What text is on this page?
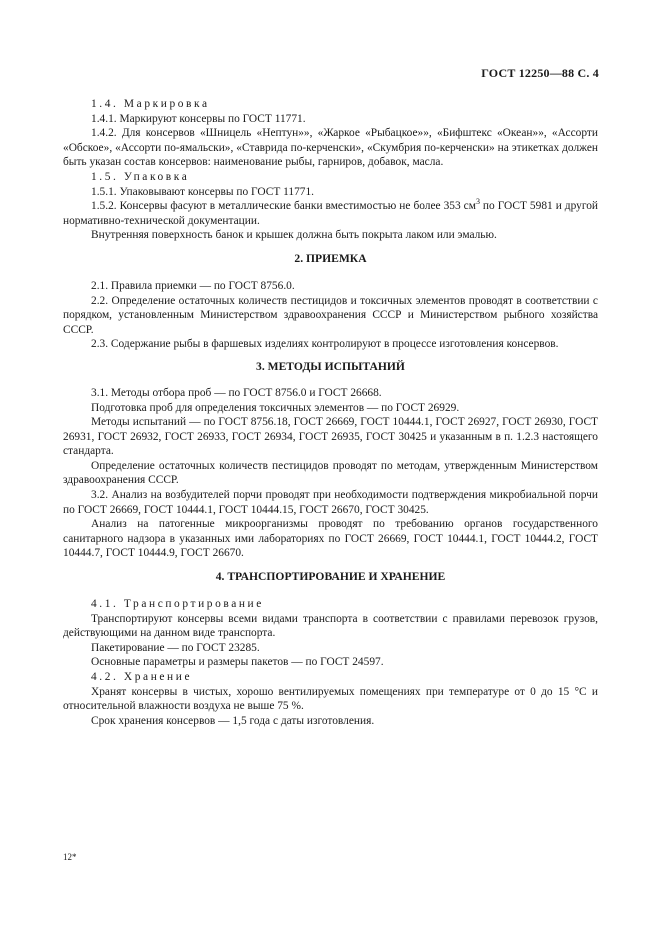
ГОСТ 12250—88 С. 4

1.4. Маркировка

1.4.1. Маркируют консервы по ГОСТ 11771.

1.4.2. Для консервов «Шницель «Нептун»», «Жаркое «Рыбацкое»», «Бифштекс «Океан»», «Ассорти «Обское», «Ассорти по-ямальски», «Ставрида по-керченски», «Скумбрия по-керченски» на этикетках должен быть указан состав консервов: наименование рыбы, гарниров, добавок, масла.

1.5. Упаковка

1.5.1. Упаковывают консервы по ГОСТ 11771.

1.5.2. Консервы фасуют в металлические банки вместимостью не более 353 $см^3$ по ГОСТ 5981 и другой нормативно-технической документации.

Внутренняя поверхность банок и крышек должна быть покрыта лаком или эмалью.

2. ПРИЕМКА

2.1. Правила приемки — по ГОСТ 8756.0.

2.2. Определение остаточных количеств пестицидов и токсичных элементов проводят в соответствии с порядком, установленным Министерством здравоохранения СССР и Министерством рыбного хозяйства СССР.

2.3. Содержание рыбы в фаршевых изделиях контролируют в процессе изготовления консервов.

3. МЕТОДЫ ИСПЫТАНИЙ

3.1. Методы отбора проб — по ГОСТ 8756.0 и ГОСТ 26668.

Подготовка проб для определения токсичных элементов — по ГОСТ 26929.

Методы испытаний — по ГОСТ 8756.18, ГОСТ 26669, ГОСТ 10444.1, ГОСТ 26927, ГОСТ 26930, ГОСТ 26931, ГОСТ 26932, ГОСТ 26933, ГОСТ 26934, ГОСТ 26935, ГОСТ 30425 и указанным в п. 1.2.3 настоящего стандарта.

Определение остаточных количеств пестицидов проводят по методам, утвержденным Министерством здравоохранения СССР.

3.2. Анализ на возбудителей порчи проводят при необходимости подтверждения микробиальной порчи по ГОСТ 26669, ГОСТ 10444.1, ГОСТ 10444.15, ГОСТ 26670, ГОСТ 30425.

Анализ на патогенные микроорганизмы проводят по требованию органов государственного санитарного надзора в указанных ими лабораториях по ГОСТ 26669, ГОСТ 10444.1, ГОСТ 10444.2, ГОСТ 10444.7, ГОСТ 10444.9, ГОСТ 26670.

4. ТРАНСПОРТИРОВАНИЕ И ХРАНЕНИЕ

4.1. Транспортирование

Транспортируют консервы всеми видами транспорта в соответствии с правилами перевозок грузов, действующими на данном виде транспорта.

Пакетирование — по ГОСТ 23285.

Основные параметры и размеры пакетов — по ГОСТ 24597.

4.2. Хранение

Хранят консервы в чистых, хорошо вентилируемых помещениях при температуре от 0 до 15 °С и относительной влажности воздуха не выше 75 %.

Срок хранения консервов — 1,5 года с даты изготовления.

12*
